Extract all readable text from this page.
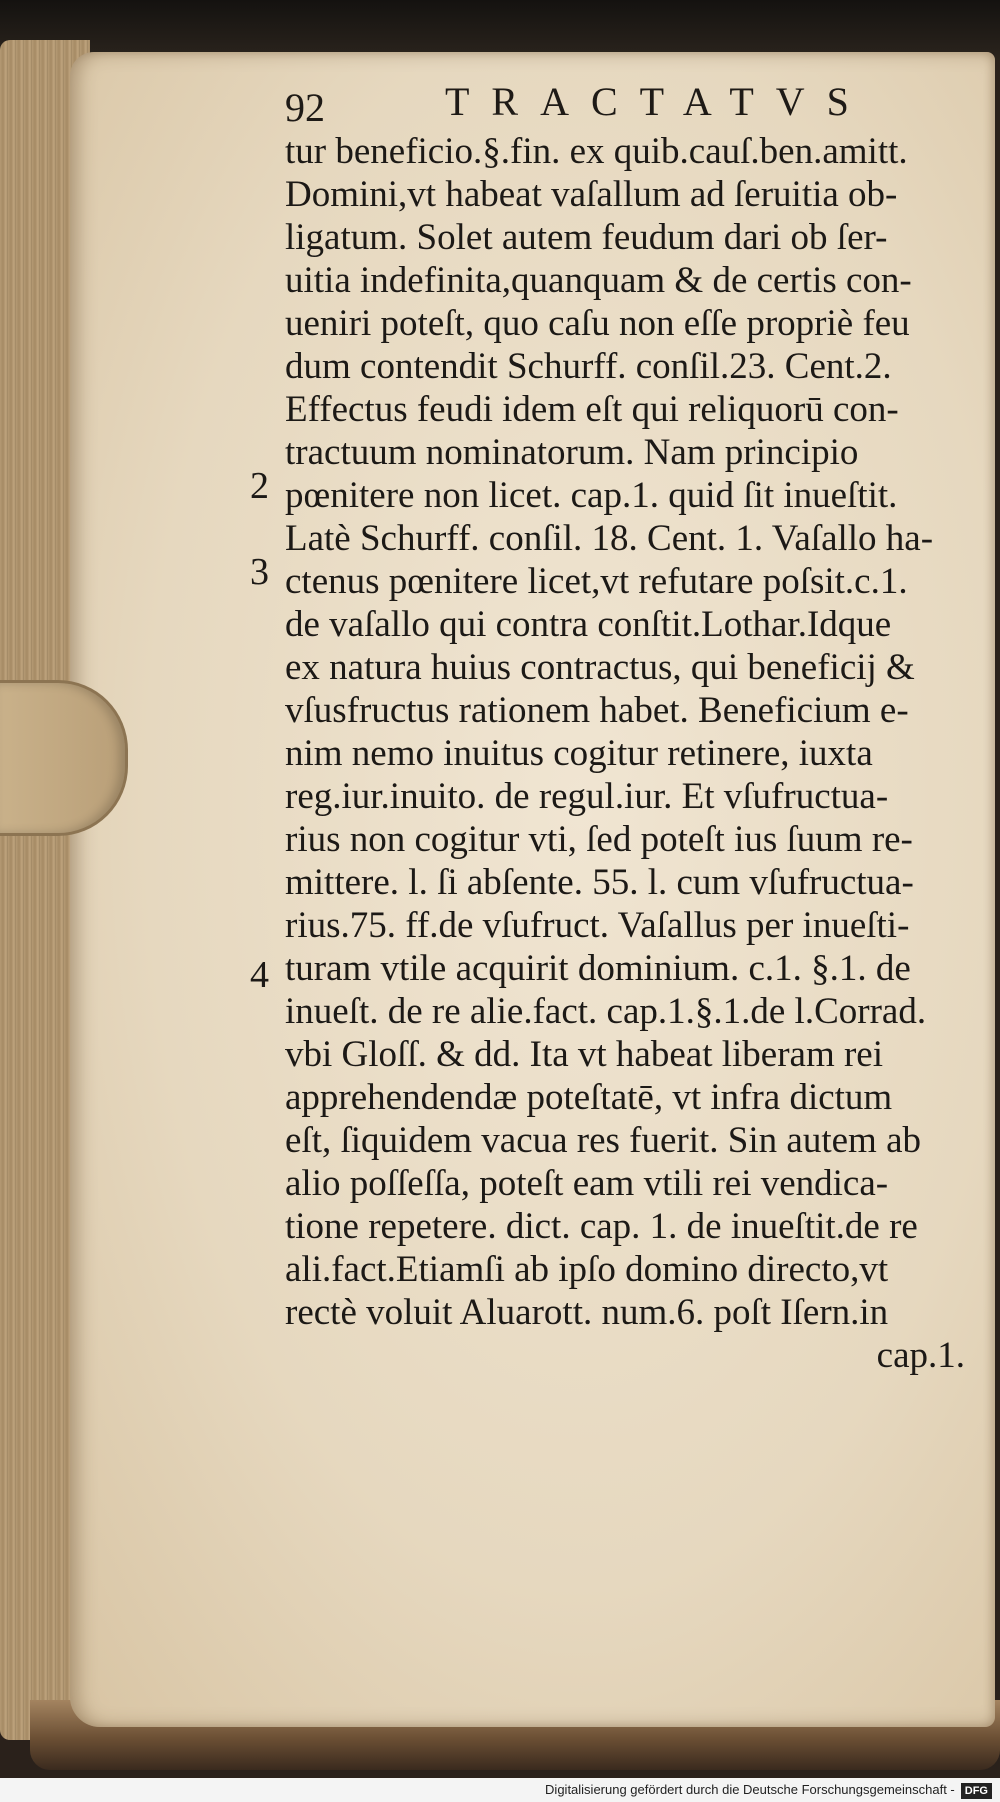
92	TRACTATVS
2
3
4
tur beneficio.§.fin. ex quib.cauſ.ben.amitt.
Domini,vt habeat vaſallum ad ſeruitia ob-
ligatum. Solet autem feudum dari ob ſer-
uitia indefinita,quanquam & de certis con-
ueniri poteſt, quo caſu non eſſe propriè feu
dum contendit Schurff. conſil.23. Cent.2.
Effectus feudi idem eſt qui reliquorū con-
tractuum nominatorum. Nam principio
pœnitere non licet. cap.1. quid ſit inueſtit.
Latè Schurff. conſil. 18. Cent. 1. Vaſallo ha-
ctenus pœnitere licet,vt refutare poſsit.c.1.
de vaſallo qui contra conſtit.Lothar.Idque
ex natura huius contractus, qui beneficij &
vſusfructus rationem habet. Beneficium e-
nim nemo inuitus cogitur retinere, iuxta
reg.iur.inuito. de regul.iur. Et vſufructua-
rius non cogitur vti, ſed poteſt ius ſuum re-
mittere. l. ſi abſente. 55. l. cum vſufructua-
rius.75. ff.de vſufruct. Vaſallus per inueſti-
turam vtile acquirit dominium. c.1. §.1. de
inueſt. de re alie.fact. cap.1.§.1.de l.Corrad.
vbi Gloſſ. & dd. Ita vt habeat liberam rei
apprehendendæ poteſtatē, vt infra dictum
eſt, ſiquidem vacua res fuerit. Sin autem ab
alio poſſeſſa, poteſt eam vtili rei vendica-
tione repetere. dict. cap. 1. de inueſtit.de re
ali.fact.Etiamſi ab ipſo domino directo,vt
rectè voluit Aluarott. num.6. poſt Iſern.in
cap.1.
Digitalisierung gefördert durch die Deutsche Forschungsgemeinschaft - DFG
